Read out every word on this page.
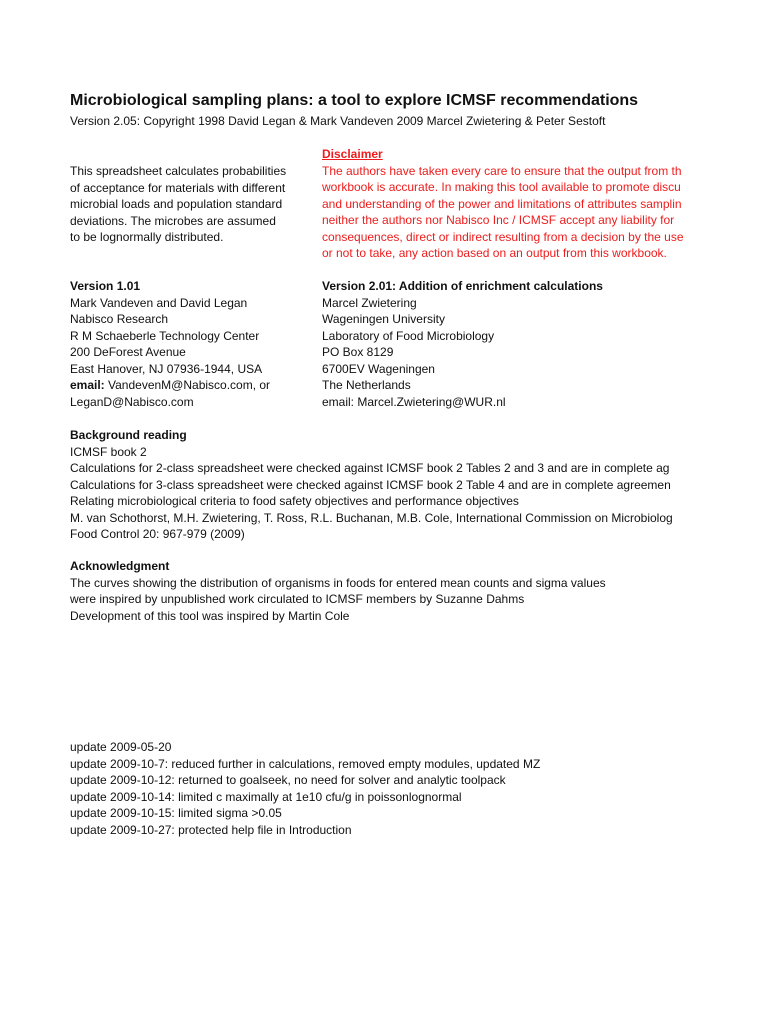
Microbiological sampling plans: a tool to explore ICMSF recommendations
Version 2.05: Copyright 1998 David Legan & Mark Vandeven 2009 Marcel Zwietering & Peter Sestoft
This spreadsheet calculates probabilities
of acceptance for materials with different
microbial loads and population standard
deviations. The microbes are assumed
to be lognormally distributed.
Disclaimer
The authors have taken every care to ensure that the output from th
workbook is accurate. In making this tool available to promote discu
and understanding of the power and limitations of attributes samplin
neither the authors nor Nabisco Inc / ICMSF accept any liability for
consequences, direct or indirect resulting from a decision by the use
or not to take, any action based on an output from this workbook.
Version 1.01
Mark Vandeven and David Legan
Nabisco Research
R M Schaeberle Technology Center
200 DeForest Avenue
East Hanover, NJ 07936-1944, USA
email: VandevenM@Nabisco.com, or
LeganD@Nabisco.com
Version 2.01: Addition of enrichment calculations
Marcel Zwietering
Wageningen University
Laboratory of Food Microbiology
PO Box 8129
6700EV Wageningen
The Netherlands
email: Marcel.Zwietering@WUR.nl
Background reading
ICMSF book 2
Calculations for 2-class spreadsheet were checked against ICMSF book 2 Tables 2 and 3 and are in complete ag
Calculations for 3-class spreadsheet were checked against ICMSF book 2 Table 4 and are in complete agreemen
Relating microbiological criteria to food safety objectives and performance objectives
M. van Schothorst, M.H. Zwietering, T. Ross, R.L. Buchanan, M.B. Cole, International Commission on Microbiolog
Food Control 20: 967-979 (2009)
Acknowledgment
The curves showing the distribution of organisms in foods for entered mean counts and sigma values
were inspired by unpublished work circulated to ICMSF members by Suzanne Dahms
Development of this tool was inspired by Martin Cole
update 2009-05-20
update 2009-10-7: reduced further in calculations, removed empty modules, updated MZ
update 2009-10-12: returned to goalseek, no need for solver and analytic toolpack
update 2009-10-14: limited c maximally at 1e10 cfu/g in poissonlognormal
update 2009-10-15: limited sigma >0.05
update 2009-10-27: protected help file in Introduction
